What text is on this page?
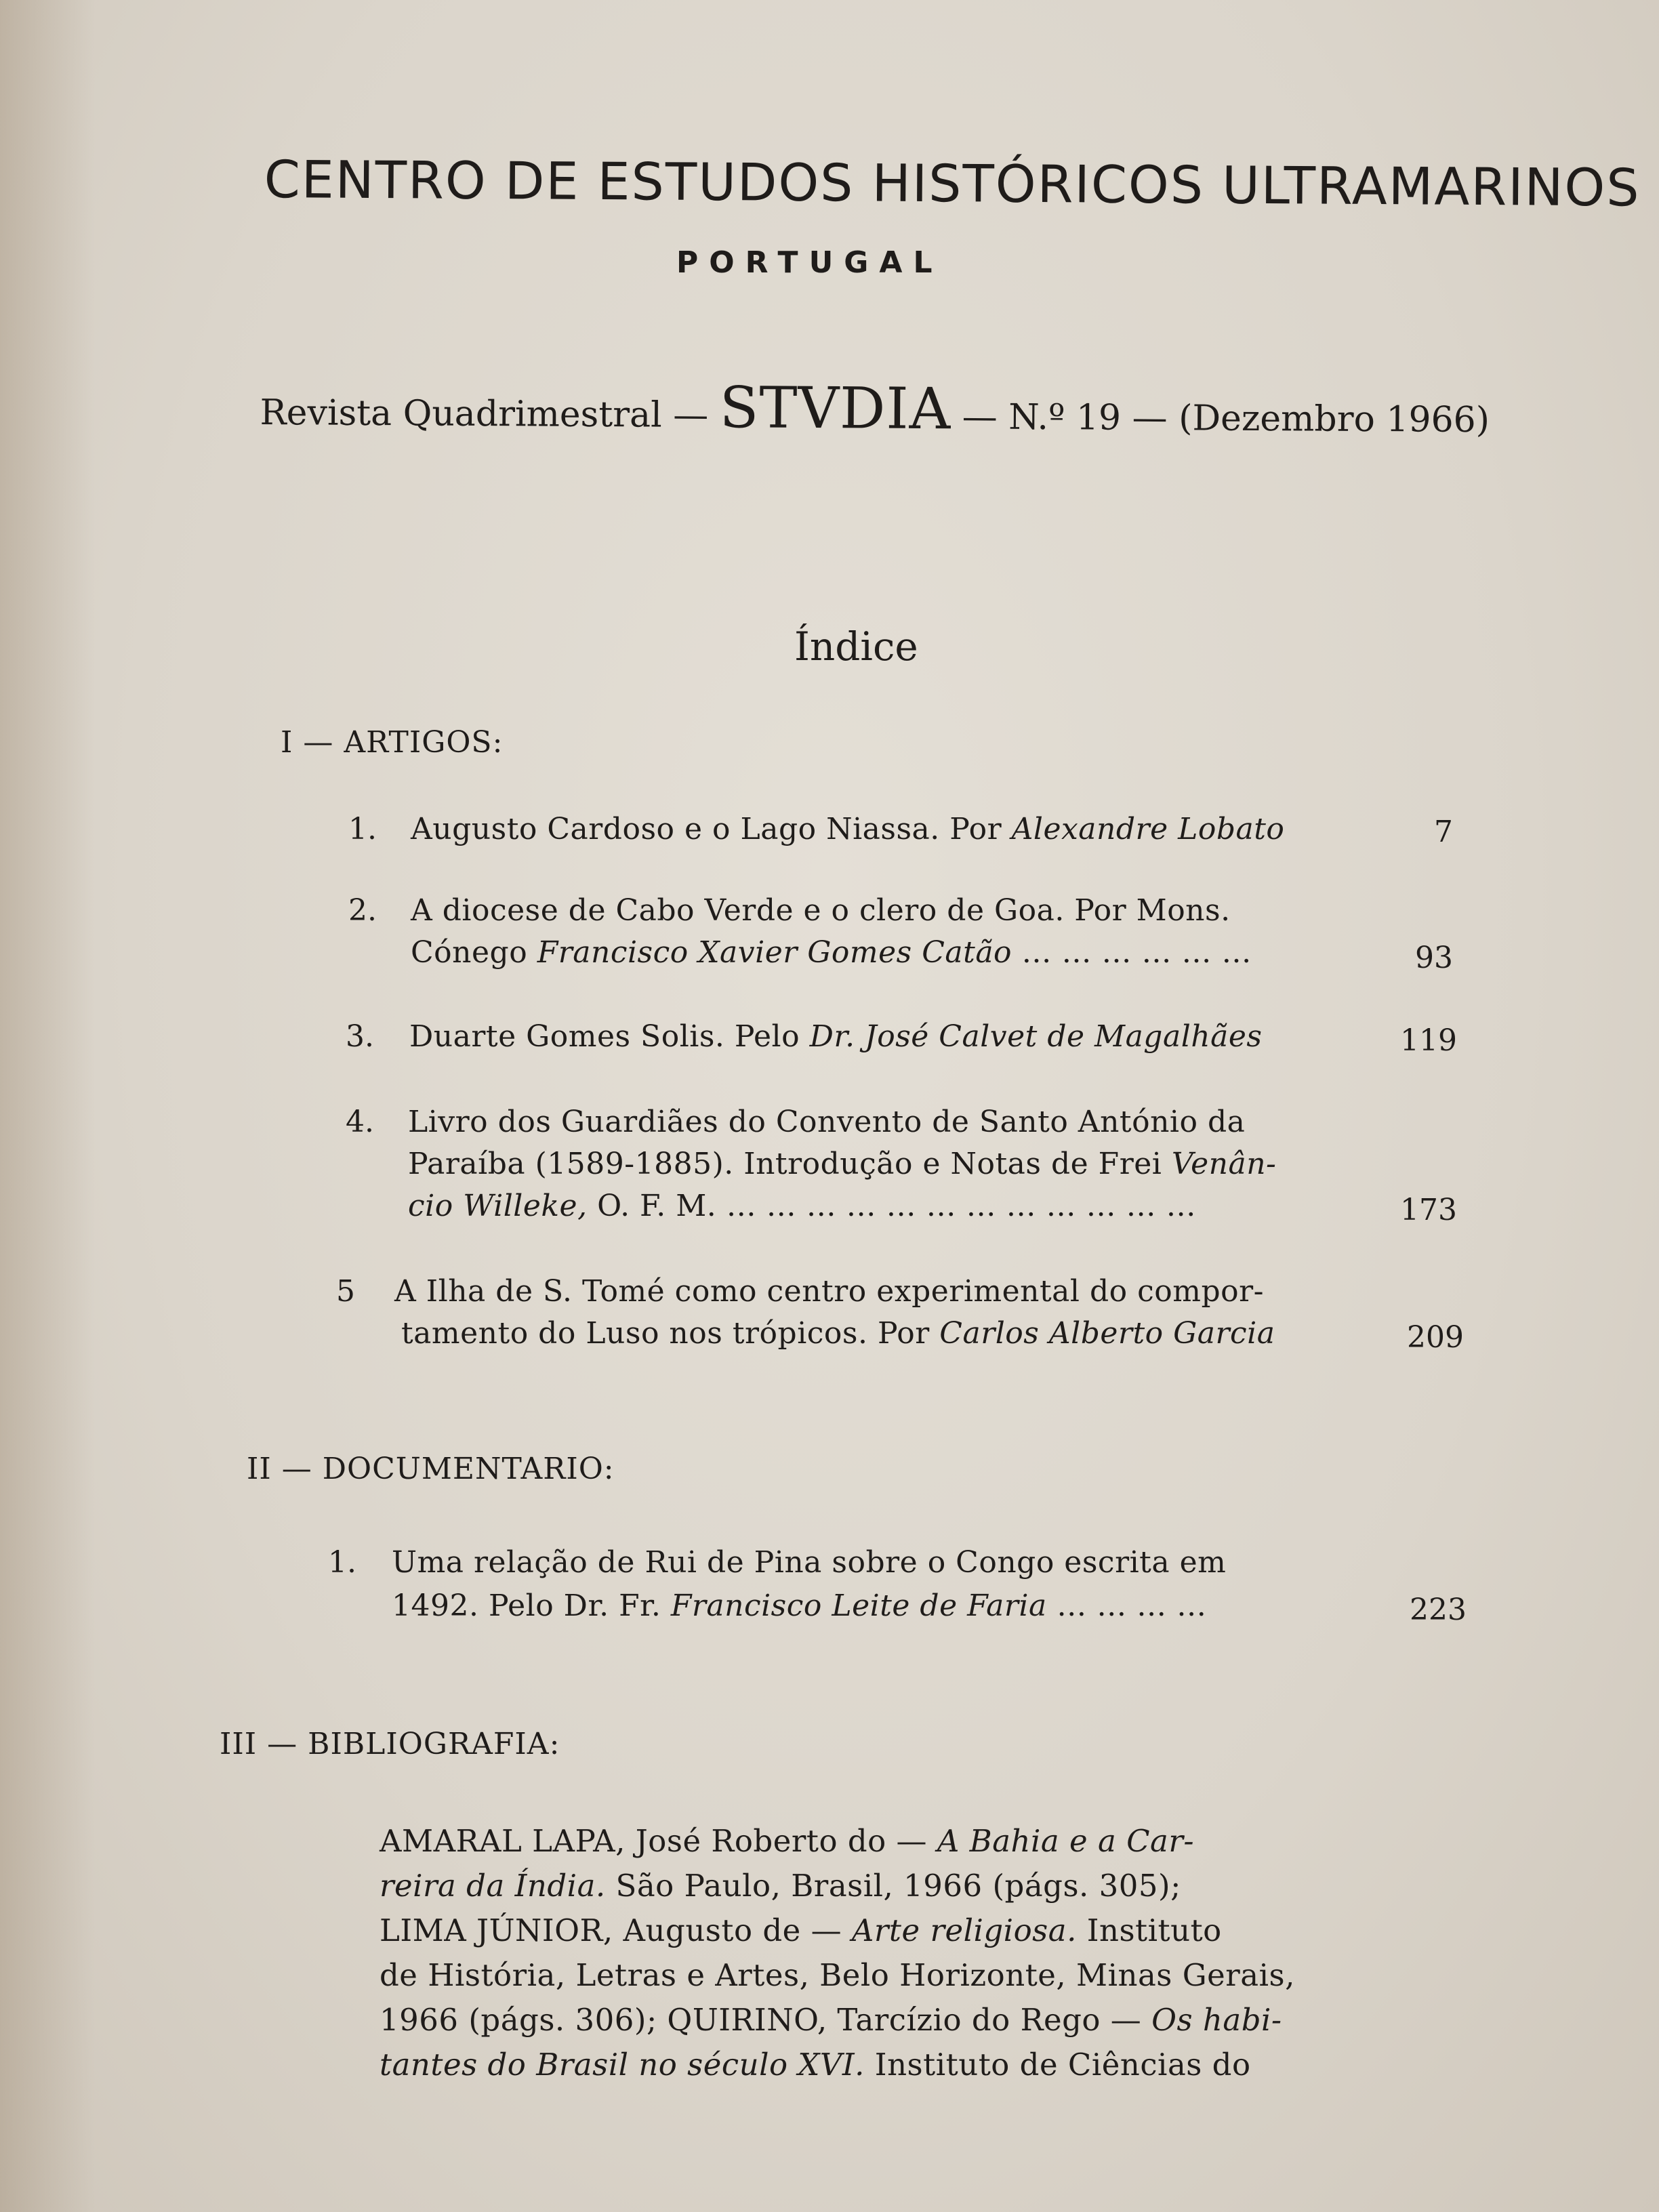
CENTRO DE ESTUDOS HISTÓRICOS ULTRAMARINOS
PORTUGAL
Revista Quadrimestral — STVDIA — N.º 19 — (Dezembro 1966)
Índice
I — ARTIGOS:
1. Augusto Cardoso e o Lago Niassa. Por Alexandre Lobato	7
2. A diocese de Cabo Verde e o clero de Goa. Por Mons.
Cónego Francisco Xavier Gomes Catão … … … … … …	93
3. Duarte Gomes Solis. Pelo Dr. José Calvet de Magalhães	119
4. Livro dos Guardiães do Convento de Santo António da
Paraíba (1589-1885). Introdução e Notas de Frei Venân-
cio Willeke, O. F. M. … … … … … … … … … … … …	173
5 A Ilha de S. Tomé como centro experimental do compor-
tamento do Luso nos trópicos. Por Carlos Alberto Garcia	209
II — DOCUMENTARIO:
1. Uma relação de Rui de Pina sobre o Congo escrita em
1492. Pelo Dr. Fr. Francisco Leite de Faria … … … …	223
III — BIBLIOGRAFIA:
AMARAL LAPA, José Roberto do — A Bahia e a Car-
reira da Índia. São Paulo, Brasil, 1966 (págs. 305);
LIMA JÚNIOR, Augusto de — Arte religiosa. Instituto
de História, Letras e Artes, Belo Horizonte, Minas Gerais,
1966 (págs. 306); QUIRINO, Tarcízio do Rego — Os habi-
tantes do Brasil no século XVI. Instituto de Ciências do
